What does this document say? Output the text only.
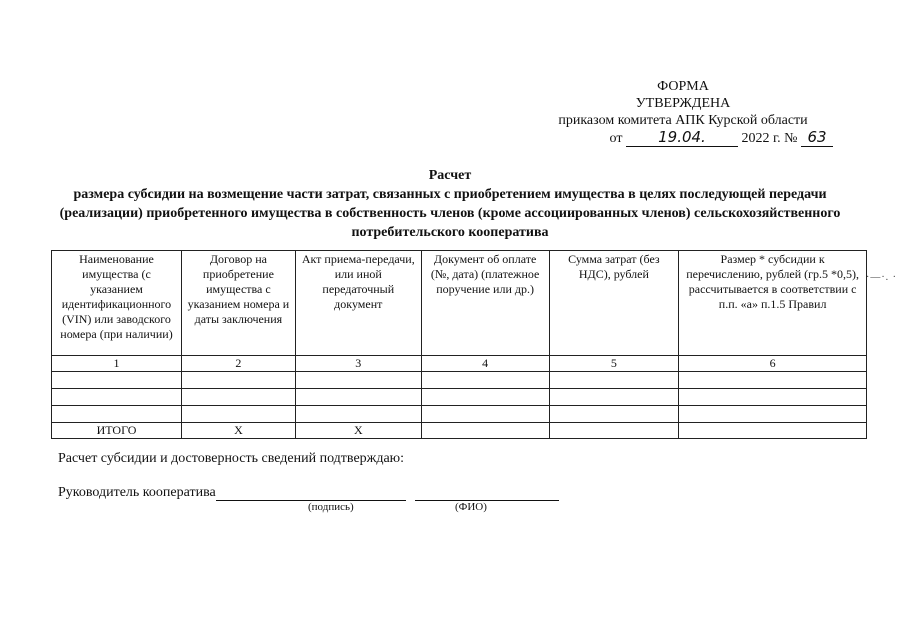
ФОРМА
УТВЕРЖДЕНА
приказом комитета АПК Курской области
от 19.04.	2022 г. № 63
Расчет
размера субсидии на возмещение части затрат, связанных с приобретением имущества в целях последующей передачи (реализации) приобретенного имущества в собственность членов (кроме ассоциированных членов) сельскохозяйственного потребительского кооператива
Наименование имущества (с указанием идентификационного (VIN) или заводского номера (при наличии)	Договор на приобретение имущества с указанием номера и даты заключения	Акт приема-передачи, или иной передаточный документ	Документ об оплате (№, дата) (платежное поручение или др.)	Сумма затрат (без НДС), рублей	Размер * субсидии к перечислению, рублей (гр.5 *0,5), рассчитывается в соответствии с п.п. «а» п.1.5 Правил
1	2	3	4	5	6

ИТОГО	Х	Х			
·—·. ·
Расчет субсидии и достоверность сведений подтверждаю:
Руководитель кооператива
(подпись)	(ФИО)
